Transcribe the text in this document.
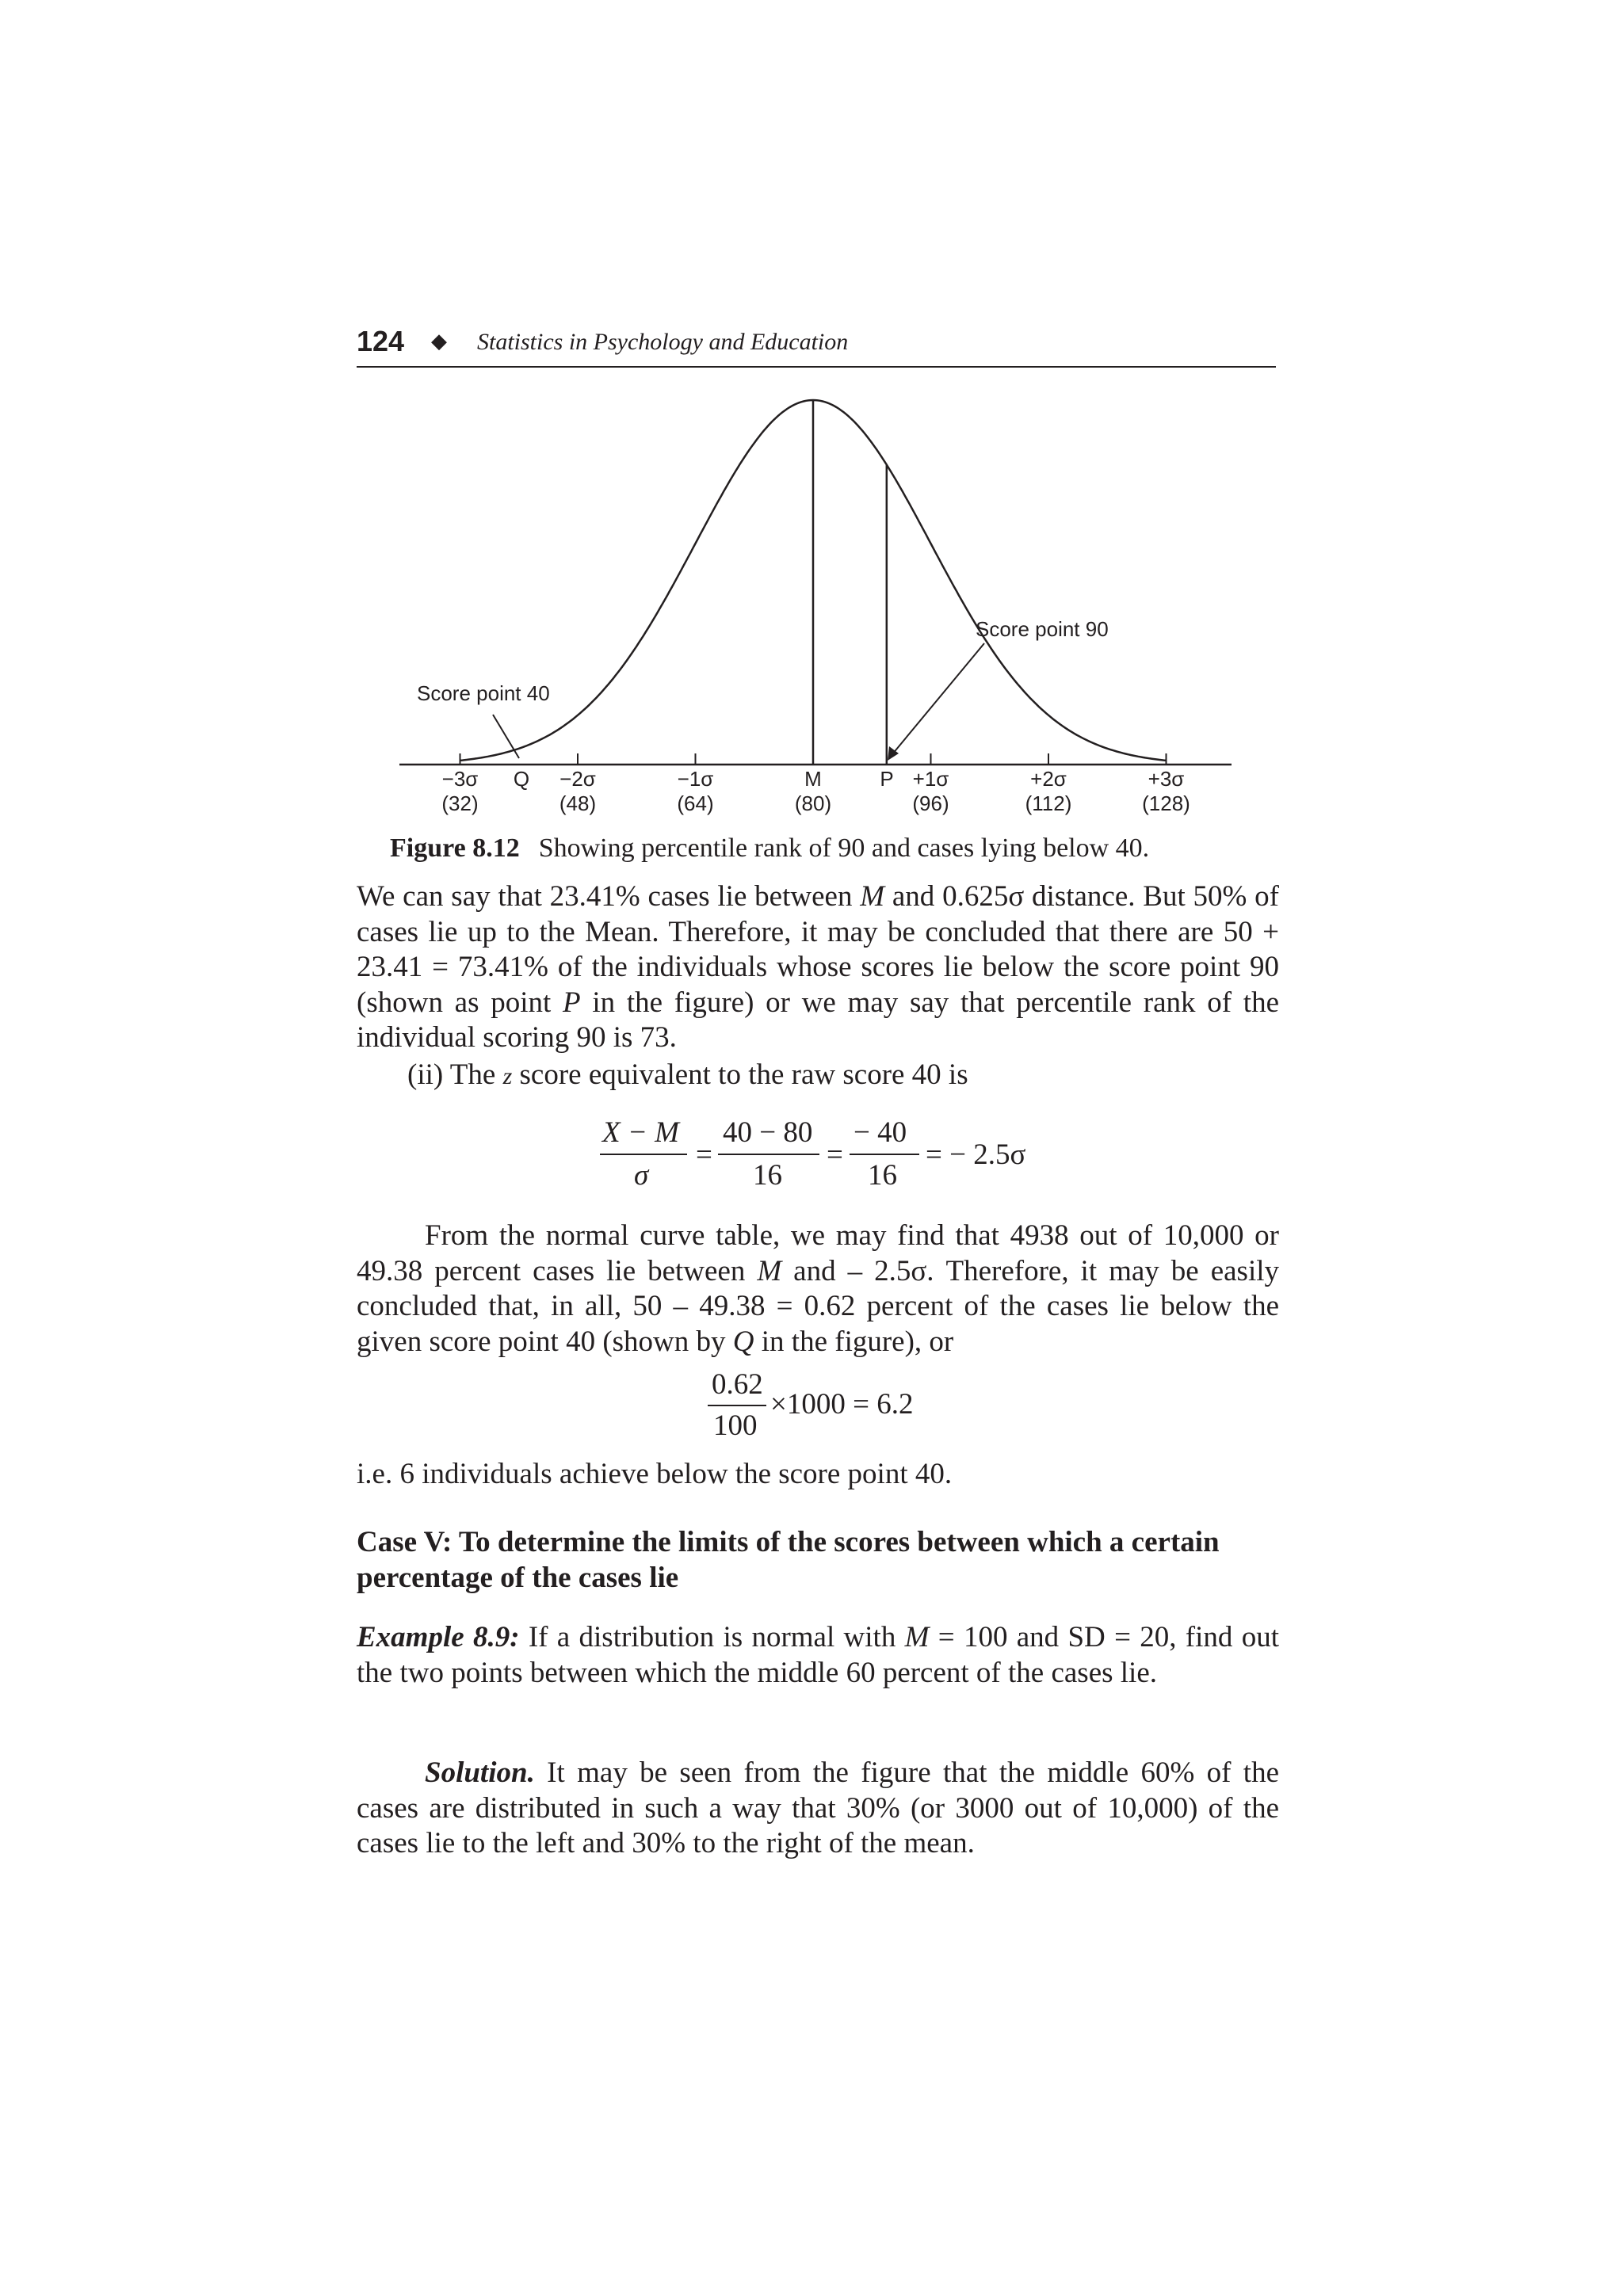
124 ◆ Statistics in Psychology and Education
−3σ
(32)
−2σ
(48)
−1σ
(64)
M
(80)
+1σ
(96)
+2σ
(112)
+3σ
(128)
Score point 40
Score point 90
Q	P
Figure 8.12 Showing percentile rank of 90 and cases lying below 40.

We can say that 23.41% cases lie between M and 0.625σ distance. But 50% of cases lie up to the Mean. Therefore, it may be concluded that there are 50 + 23.41 = 73.41% of the individuals whose scores lie below the score point 90 (shown as point P in the figure) or we may say that percentile rank of the individual scoring 90 is 73.

(ii) The z score equivalent to the raw score 40 is
X − M
σ
=
40 − 80
16
=
− 40
16
= − 2.5σ

From the normal curve table, we may find that 4938 out of 10,000 or 49.38 percent cases lie between M and – 2.5σ. Therefore, it may be easily concluded that, in all, 50 – 49.38 = 0.62 percent of the cases lie below the given score point 40 (shown by Q in the figure), or

0.62
100
×1000 = 6.2

i.e. 6 individuals achieve below the score point 40.

Case V: To determine the limits of the scores between which a certain percentage of the cases lie

Example 8.9: If a distribution is normal with M = 100 and SD = 20, find out the two points between which the middle 60 percent of the cases lie.

Solution. It may be seen from the figure that the middle 60% of the cases are distributed in such a way that 30% (or 3000 out of 10,000) of the cases lie to the left and 30% to the right of the mean.
